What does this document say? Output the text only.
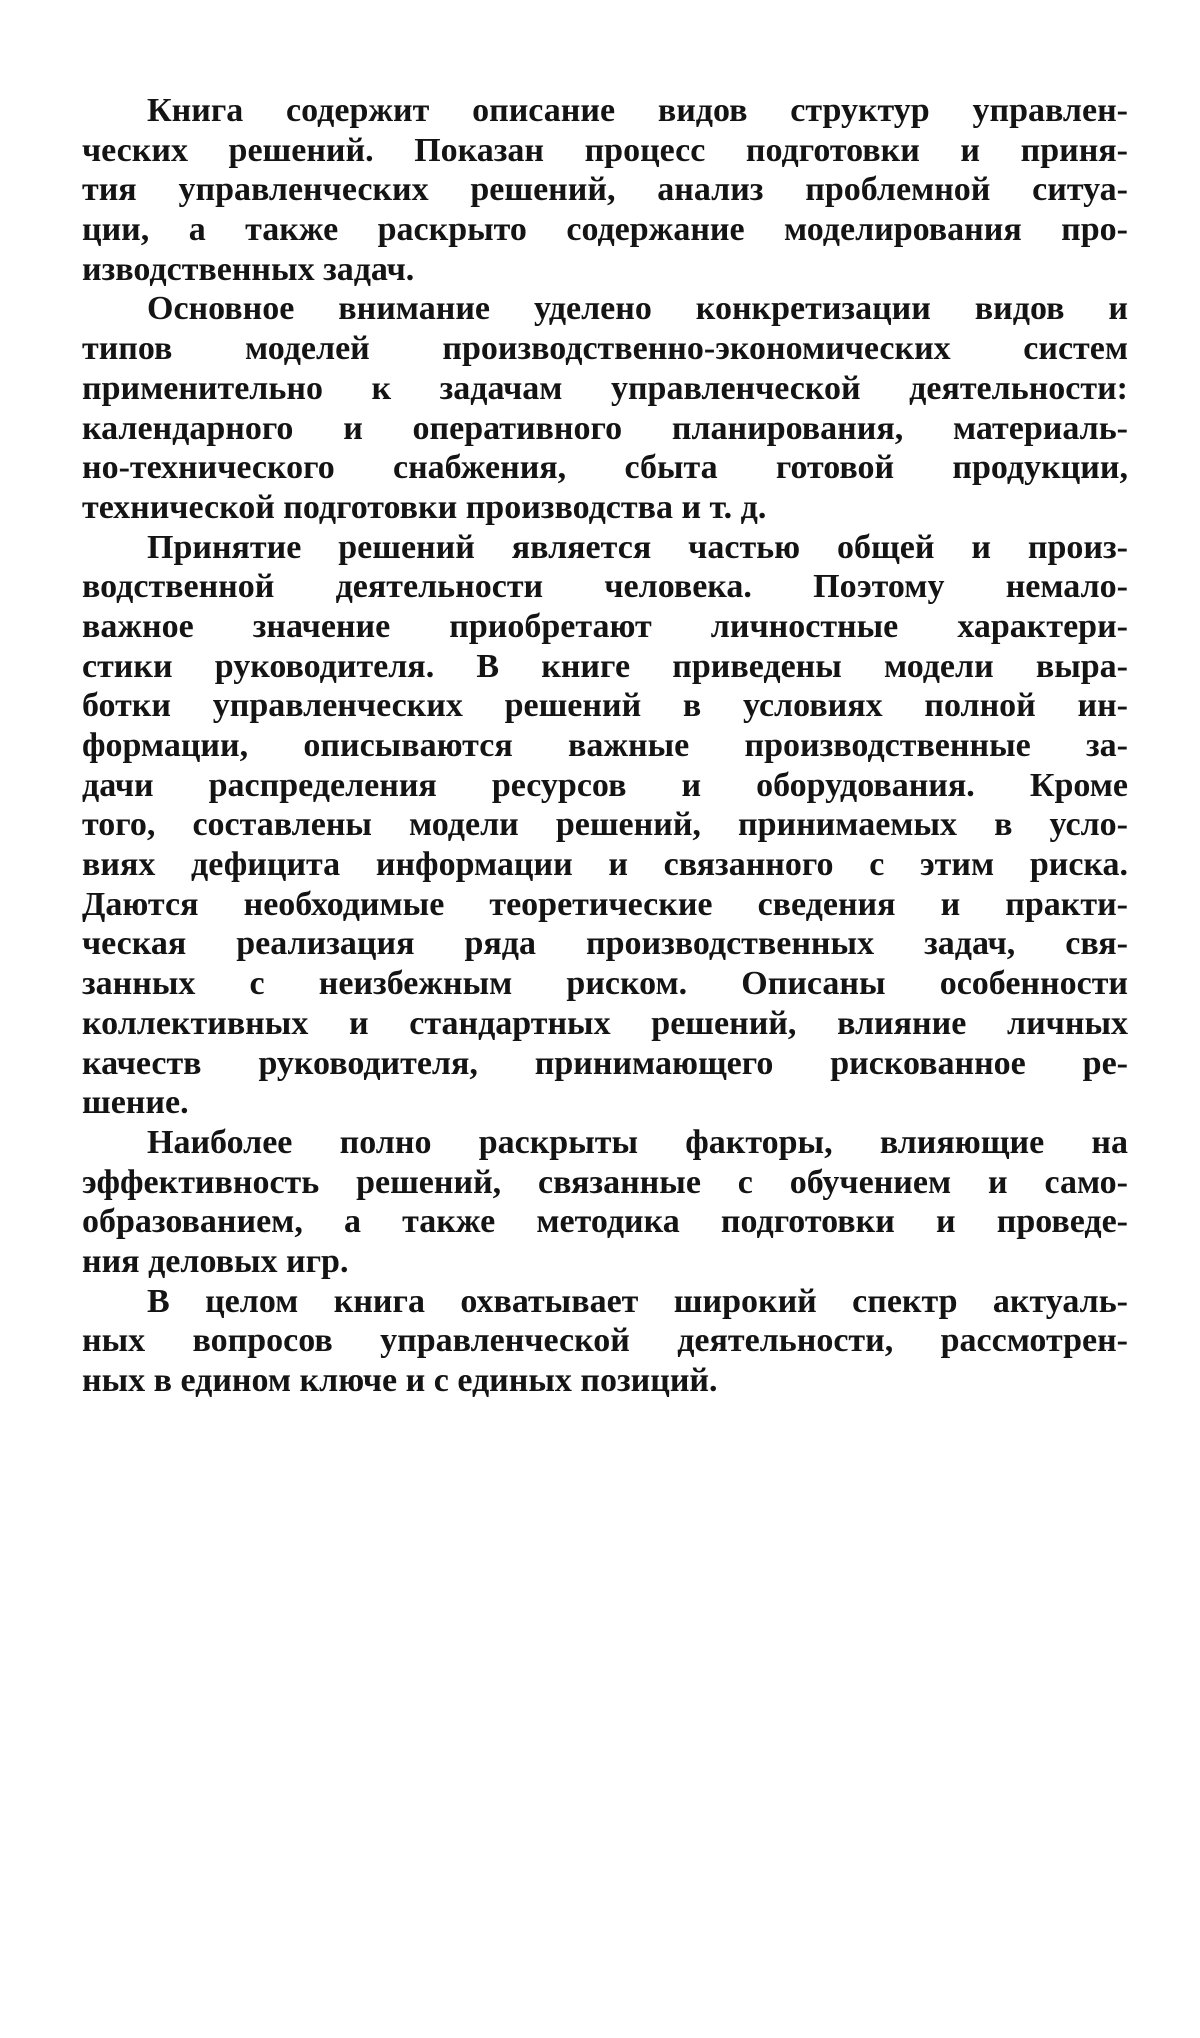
Книга содержит описание видов структур управлен-
ческих решений. Показан процесс подготовки и приня-
тия управленческих решений, анализ проблемной ситуа-
ции, а также раскрыто содержание моделирования про-
изводственных задач.
Основное внимание уделено конкретизации видов и
типов моделей производственно-экономических систем
применительно к задачам управленческой деятельности:
календарного и оперативного планирования, материаль-
но-технического снабжения, сбыта готовой продукции,
технической подготовки производства и т. д.
Принятие решений является частью общей и произ-
водственной деятельности человека. Поэтому немало-
важное значение приобретают личностные характери-
стики руководителя. В книге приведены модели выра-
ботки управленческих решений в условиях полной ин-
формации, описываются важные производственные за-
дачи распределения ресурсов и оборудования. Кроме
того, составлены модели решений, принимаемых в усло-
виях дефицита информации и связанного с этим риска.
Даются необходимые теоретические сведения и практи-
ческая реализация ряда производственных задач, свя-
занных с неизбежным риском. Описаны особенности
коллективных и стандартных решений, влияние личных
качеств руководителя, принимающего рискованное ре-
шение.
Наиболее полно раскрыты факторы, влияющие на
эффективность решений, связанные с обучением и само-
образованием, а также методика подготовки и проведе-
ния деловых игр.
В целом книга охватывает широкий спектр актуаль-
ных вопросов управленческой деятельности, рассмотрен-
ных в едином ключе и с единых позиций.
